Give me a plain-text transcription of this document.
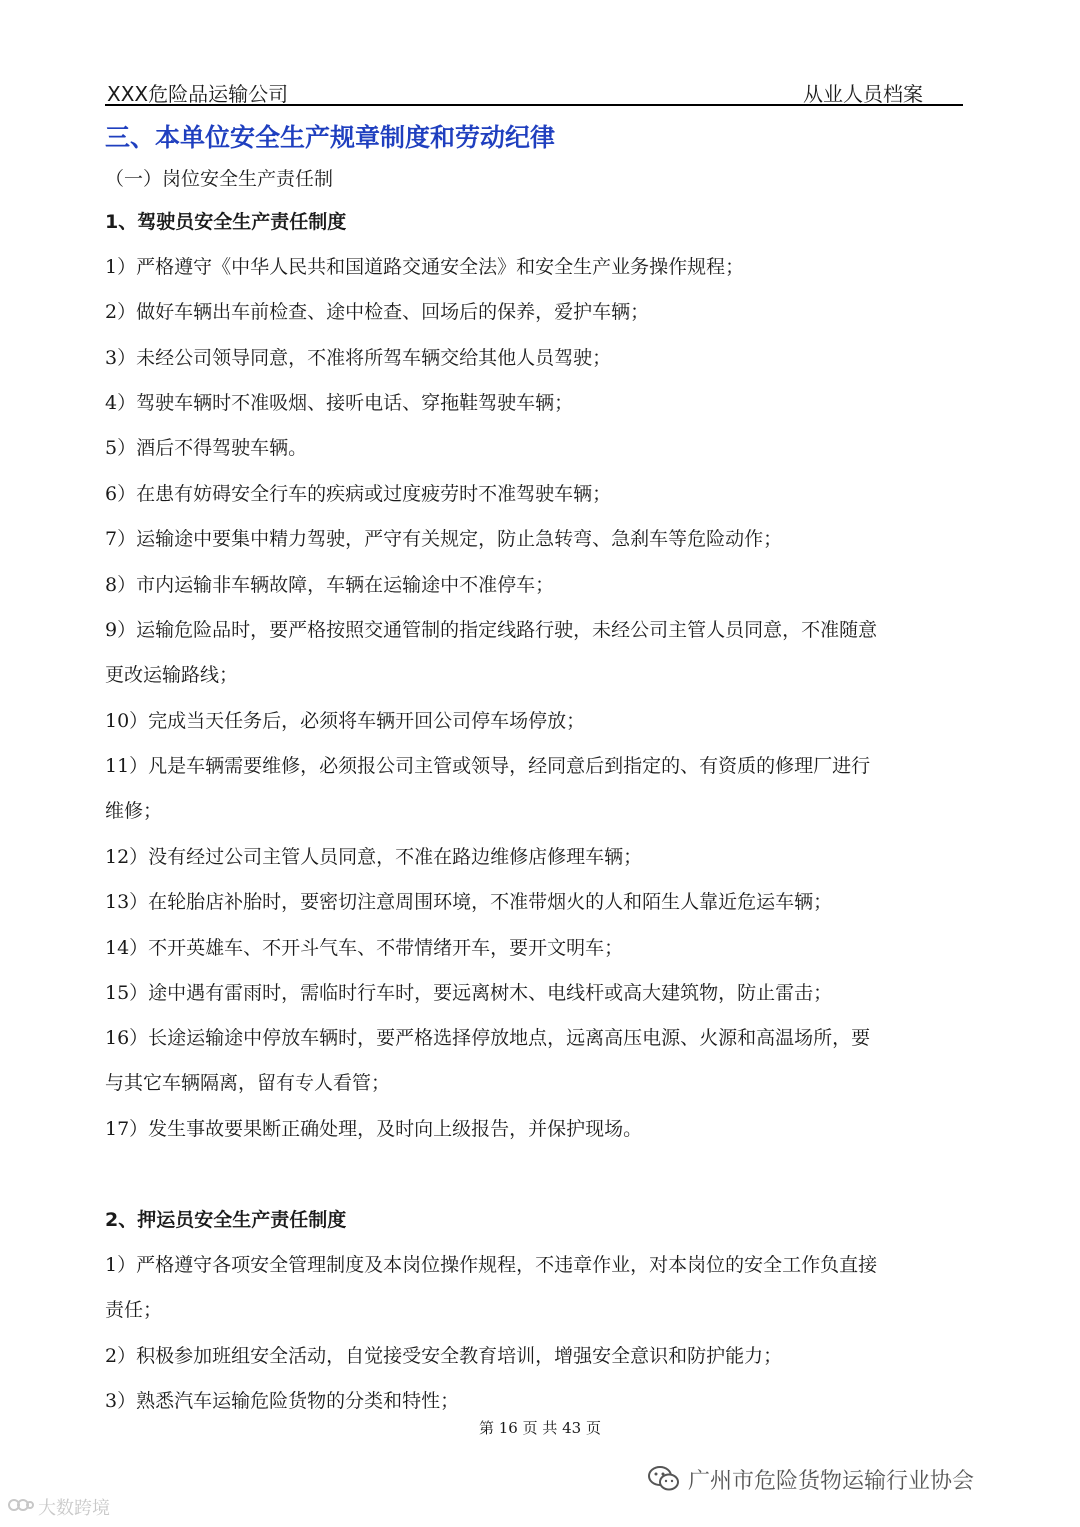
XXX危险品运输公司	从业人员档案
三、本单位安全生产规章制度和劳动纪律
（一）岗位安全生产责任制
1、驾驶员安全生产责任制度
1）严格遵守《中华人民共和国道路交通安全法》和安全生产业务操作规程；
2）做好车辆出车前检查、途中检查、回场后的保养，爱护车辆；
3）未经公司领导同意，不准将所驾车辆交给其他人员驾驶；
4）驾驶车辆时不准吸烟、接听电话、穿拖鞋驾驶车辆；
5）酒后不得驾驶车辆。
6）在患有妨碍安全行车的疾病或过度疲劳时不准驾驶车辆；
7）运输途中要集中精力驾驶，严守有关规定，防止急转弯、急刹车等危险动作；
8）市内运输非车辆故障，车辆在运输途中不准停车；
9）运输危险品时，要严格按照交通管制的指定线路行驶，未经公司主管人员同意，不准随意
更改运输路线；
10）完成当天任务后，必须将车辆开回公司停车场停放；
11）凡是车辆需要维修，必须报公司主管或领导，经同意后到指定的、有资质的修理厂进行
维修；
12）没有经过公司主管人员同意，不准在路边维修店修理车辆；
13）在轮胎店补胎时，要密切注意周围环境，不准带烟火的人和陌生人靠近危运车辆；
14）不开英雄车、不开斗气车、不带情绪开车，要开文明车；
15）途中遇有雷雨时，需临时行车时，要远离树木、电线杆或高大建筑物，防止雷击；
16）长途运输途中停放车辆时，要严格选择停放地点，远离高压电源、火源和高温场所，要
与其它车辆隔离，留有专人看管；
17）发生事故要果断正确处理，及时向上级报告，并保护现场。
2、押运员安全生产责任制度
1）严格遵守各项安全管理制度及本岗位操作规程，不违章作业，对本岗位的安全工作负直接
责任；
2）积极参加班组安全活动，自觉接受安全教育培训，增强安全意识和防护能力；
3）熟悉汽车运输危险货物的分类和特性；
第 16 页 共 43 页
广州市危险货物运输行业协会
大数跨境
